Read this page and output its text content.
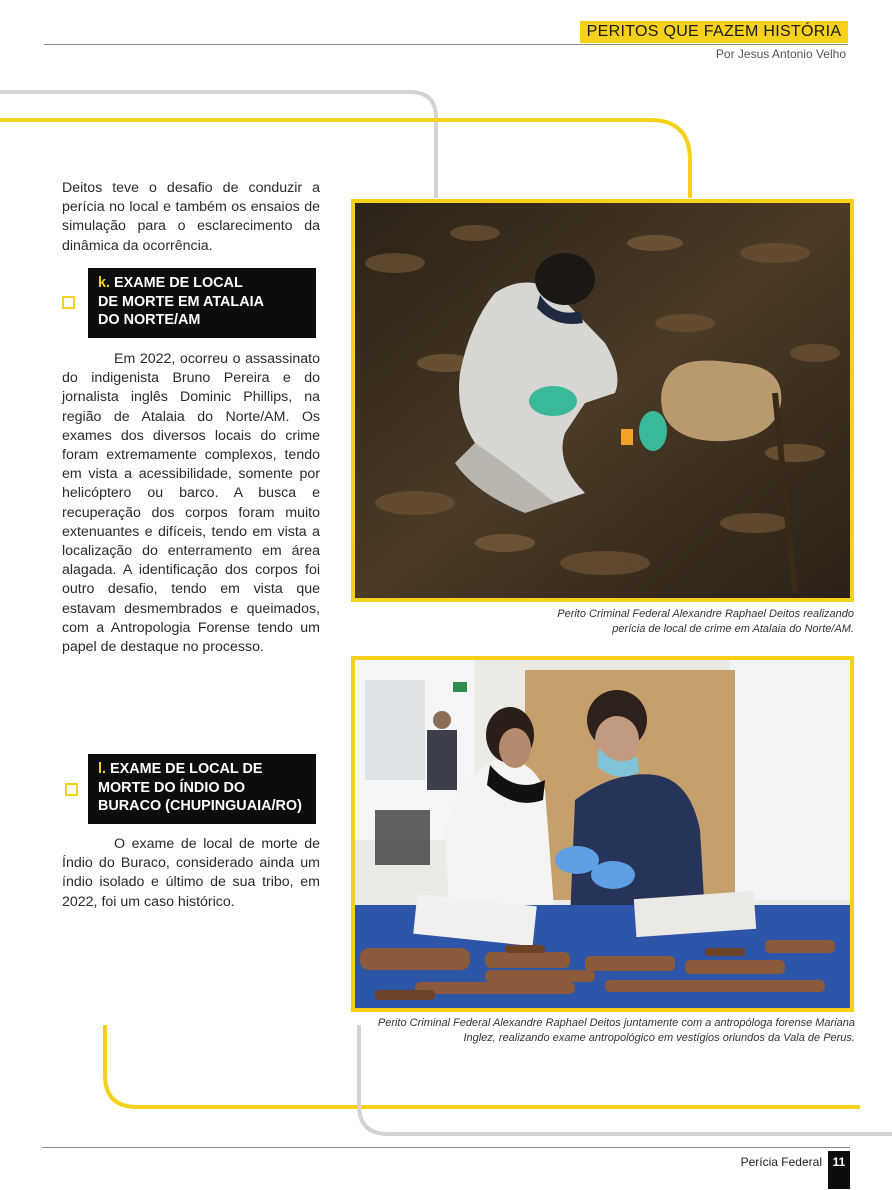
PERITOS QUE FAZEM HISTÓRIA
Por Jesus Antonio Velho

Deitos teve o desafio de conduzir a perícia no local e também os ensaios de simulação para o esclarecimento da dinâmica da ocorrência.

k. EXAME DE LOCAL
DE MORTE EM ATALAIA
DO NORTE/AM

Em 2022, ocorreu o assassinato do indigenista Bruno Pereira e do jornalista inglês Dominic Phillips, na região de Atalaia do Norte/AM. Os exames dos diversos locais do crime foram extremamente complexos, tendo em vista a acessibilidade, somente por helicóptero ou barco. A busca e recuperação dos corpos foram muito extenuantes e difíceis, tendo em vista a localização do enterramento em área alagada. A identificação dos corpos foi outro desafio, tendo em vista que estavam desmembrados e queimados, com a Antropologia Forense tendo um papel de destaque no processo.

l. EXAME DE LOCAL DE
MORTE DO ÍNDIO DO
BURACO (CHUPINGUAIA/RO)

O exame de local de morte de Índio do Buraco, considerado ainda um índio isolado e último de sua tribo, em 2022, foi um caso histórico.

Perito Criminal Federal Alexandre Raphael Deitos realizando
perícia de local de crime em Atalaia do Norte/AM.
Perito Criminal Federal Alexandre Raphael Deitos juntamente com a antropóloga forense Mariana
Inglez, realizando exame antropológico em vestígios oriundos da Vala de Perus.
Perícia Federal 11
